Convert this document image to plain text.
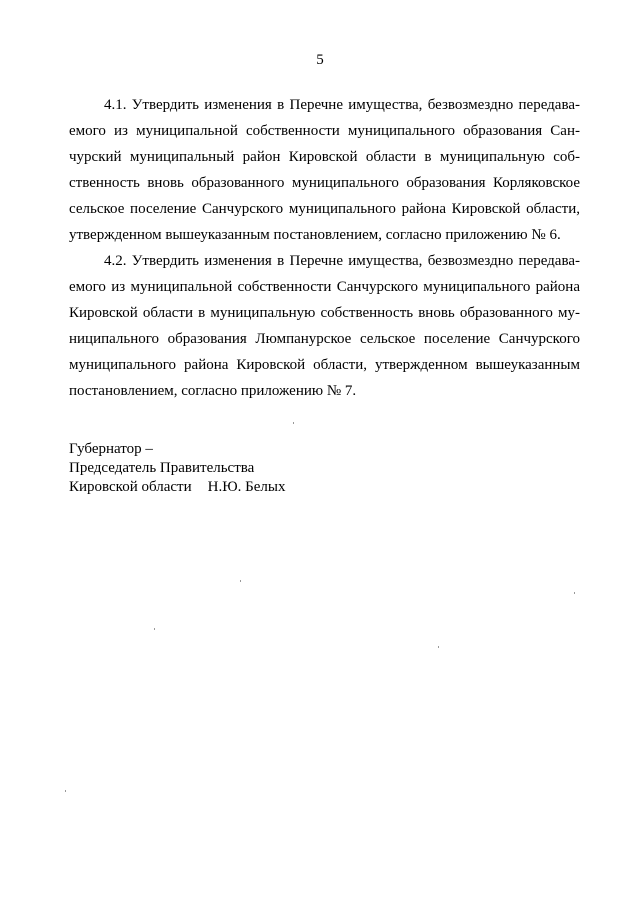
5
4.1. Утвердить изменения в Перечне имущества, безвозмездно передава-
емого из муниципальной собственности муниципального образования Сан-
чурский муниципальный район Кировской области в муниципальную соб-
ственность вновь образованного муниципального образования Корляковское
сельское поселение Санчурского муниципального района Кировской области,
утвержденном вышеуказанным постановлением, согласно приложению № 6.
4.2. Утвердить изменения в Перечне имущества, безвозмездно передава-
емого из муниципальной собственности Санчурского муниципального района
Кировской области в муниципальную собственность вновь образованного му-
ниципального образования Люмпанурское сельское поселение Санчурского
муниципального района Кировской области, утвержденном вышеуказанным
постановлением, согласно приложению № 7.
Губернатор –
Председатель Правительства
Кировской области Н.Ю. Белых
